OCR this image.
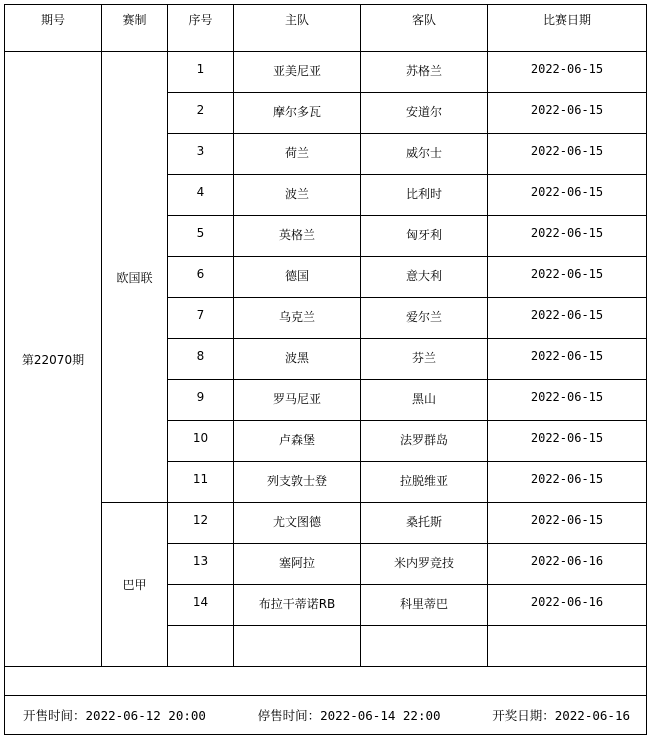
期号	赛制	序号	主队	客队	比赛日期
第22070期	欧国联	1	亚美尼亚	苏格兰	2022-06-15
		2	摩尔多瓦	安道尔	2022-06-15
		3	荷兰	威尔士	2022-06-15
		4	波兰	比利时	2022-06-15
		5	英格兰	匈牙利	2022-06-15
		6	德国	意大利	2022-06-15
		7	乌克兰	爱尔兰	2022-06-15
		8	波黑	芬兰	2022-06-15
		9	罗马尼亚	黑山	2022-06-15
		10	卢森堡	法罗群岛	2022-06-15
		11	列支敦士登	拉脱维亚	2022-06-15
	巴甲	12	尤文图德	桑托斯	2022-06-15
		13	塞阿拉	米内罗竞技	2022-06-16
		14	布拉干蒂诺RB	科里蒂巴	2022-06-16

开售时间：2022-06-12 20:00 停售时间：2022-06-14 22:00 开奖日期：2022-06-16					
